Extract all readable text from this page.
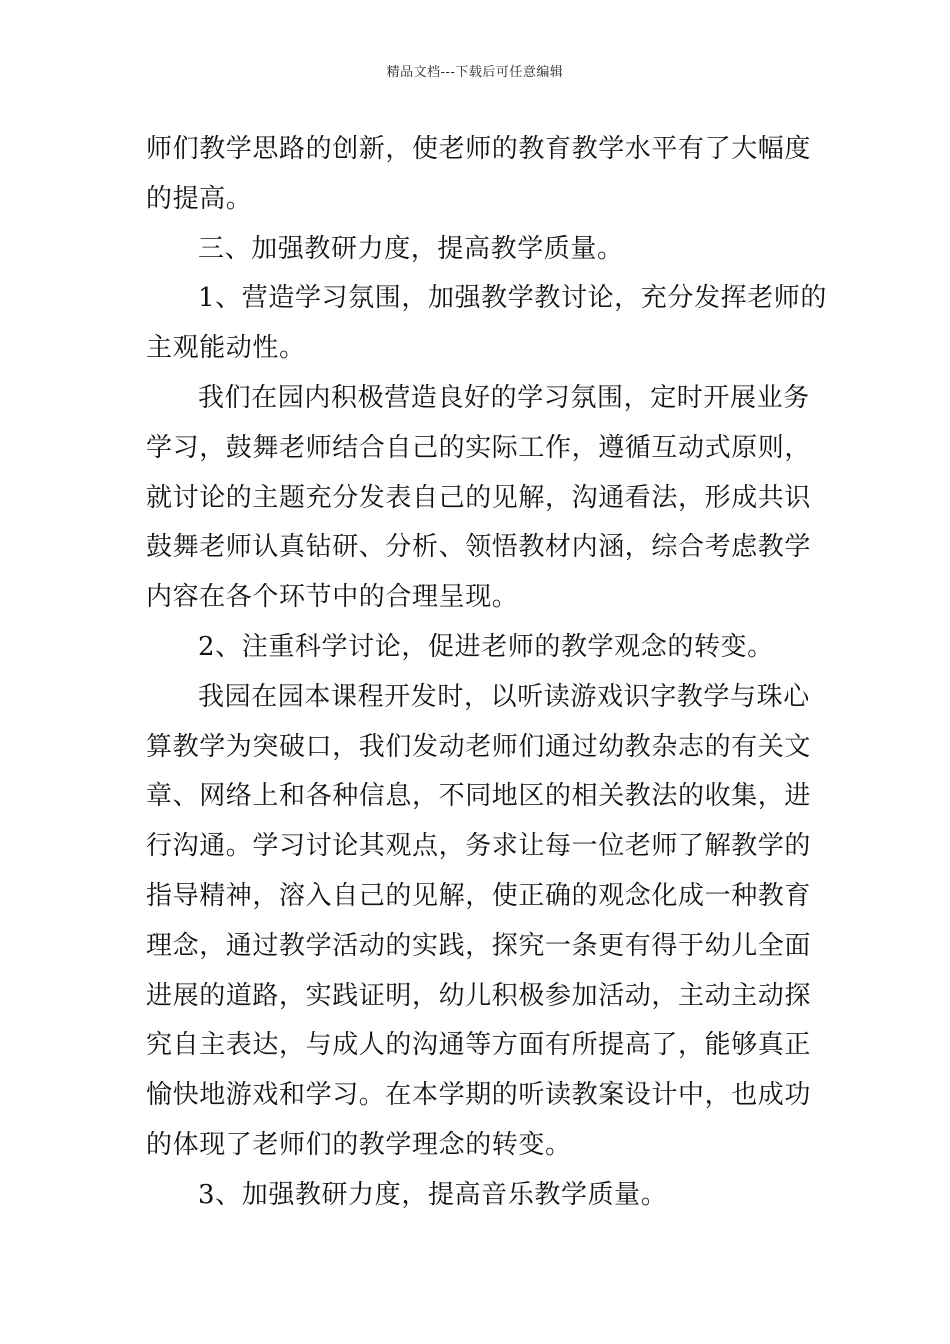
精品文档---下载后可任意编辑
师们教学思路的创新，使老师的教育教学水平有了大幅度
的提高。
三、加强教研力度，提高教学质量。
1、营造学习氛围，加强教学教讨论，充分发挥老师的
主观能动性。
我们在园内积极营造良好的学习氛围，定时开展业务
学习，鼓舞老师结合自己的实际工作，遵循互动式原则，
就讨论的主题充分发表自己的见解，沟通看法，形成共识
鼓舞老师认真钻研、分析、领悟教材内涵，综合考虑教学
内容在各个环节中的合理呈现。
2、注重科学讨论，促进老师的教学观念的转变。
我园在园本课程开发时，以听读游戏识字教学与珠心
算教学为突破口，我们发动老师们通过幼教杂志的有关文
章、网络上和各种信息，不同地区的相关教法的收集，进
行沟通。学习讨论其观点，务求让每一位老师了解教学的
指导精神，溶入自己的见解，使正确的观念化成一种教育
理念，通过教学活动的实践，探究一条更有得于幼儿全面
进展的道路，实践证明，幼儿积极参加活动，主动主动探
究自主表达，与成人的沟通等方面有所提高了，能够真正
愉快地游戏和学习。在本学期的听读教案设计中，也成功
的体现了老师们的教学理念的转变。
3、加强教研力度，提高音乐教学质量。
